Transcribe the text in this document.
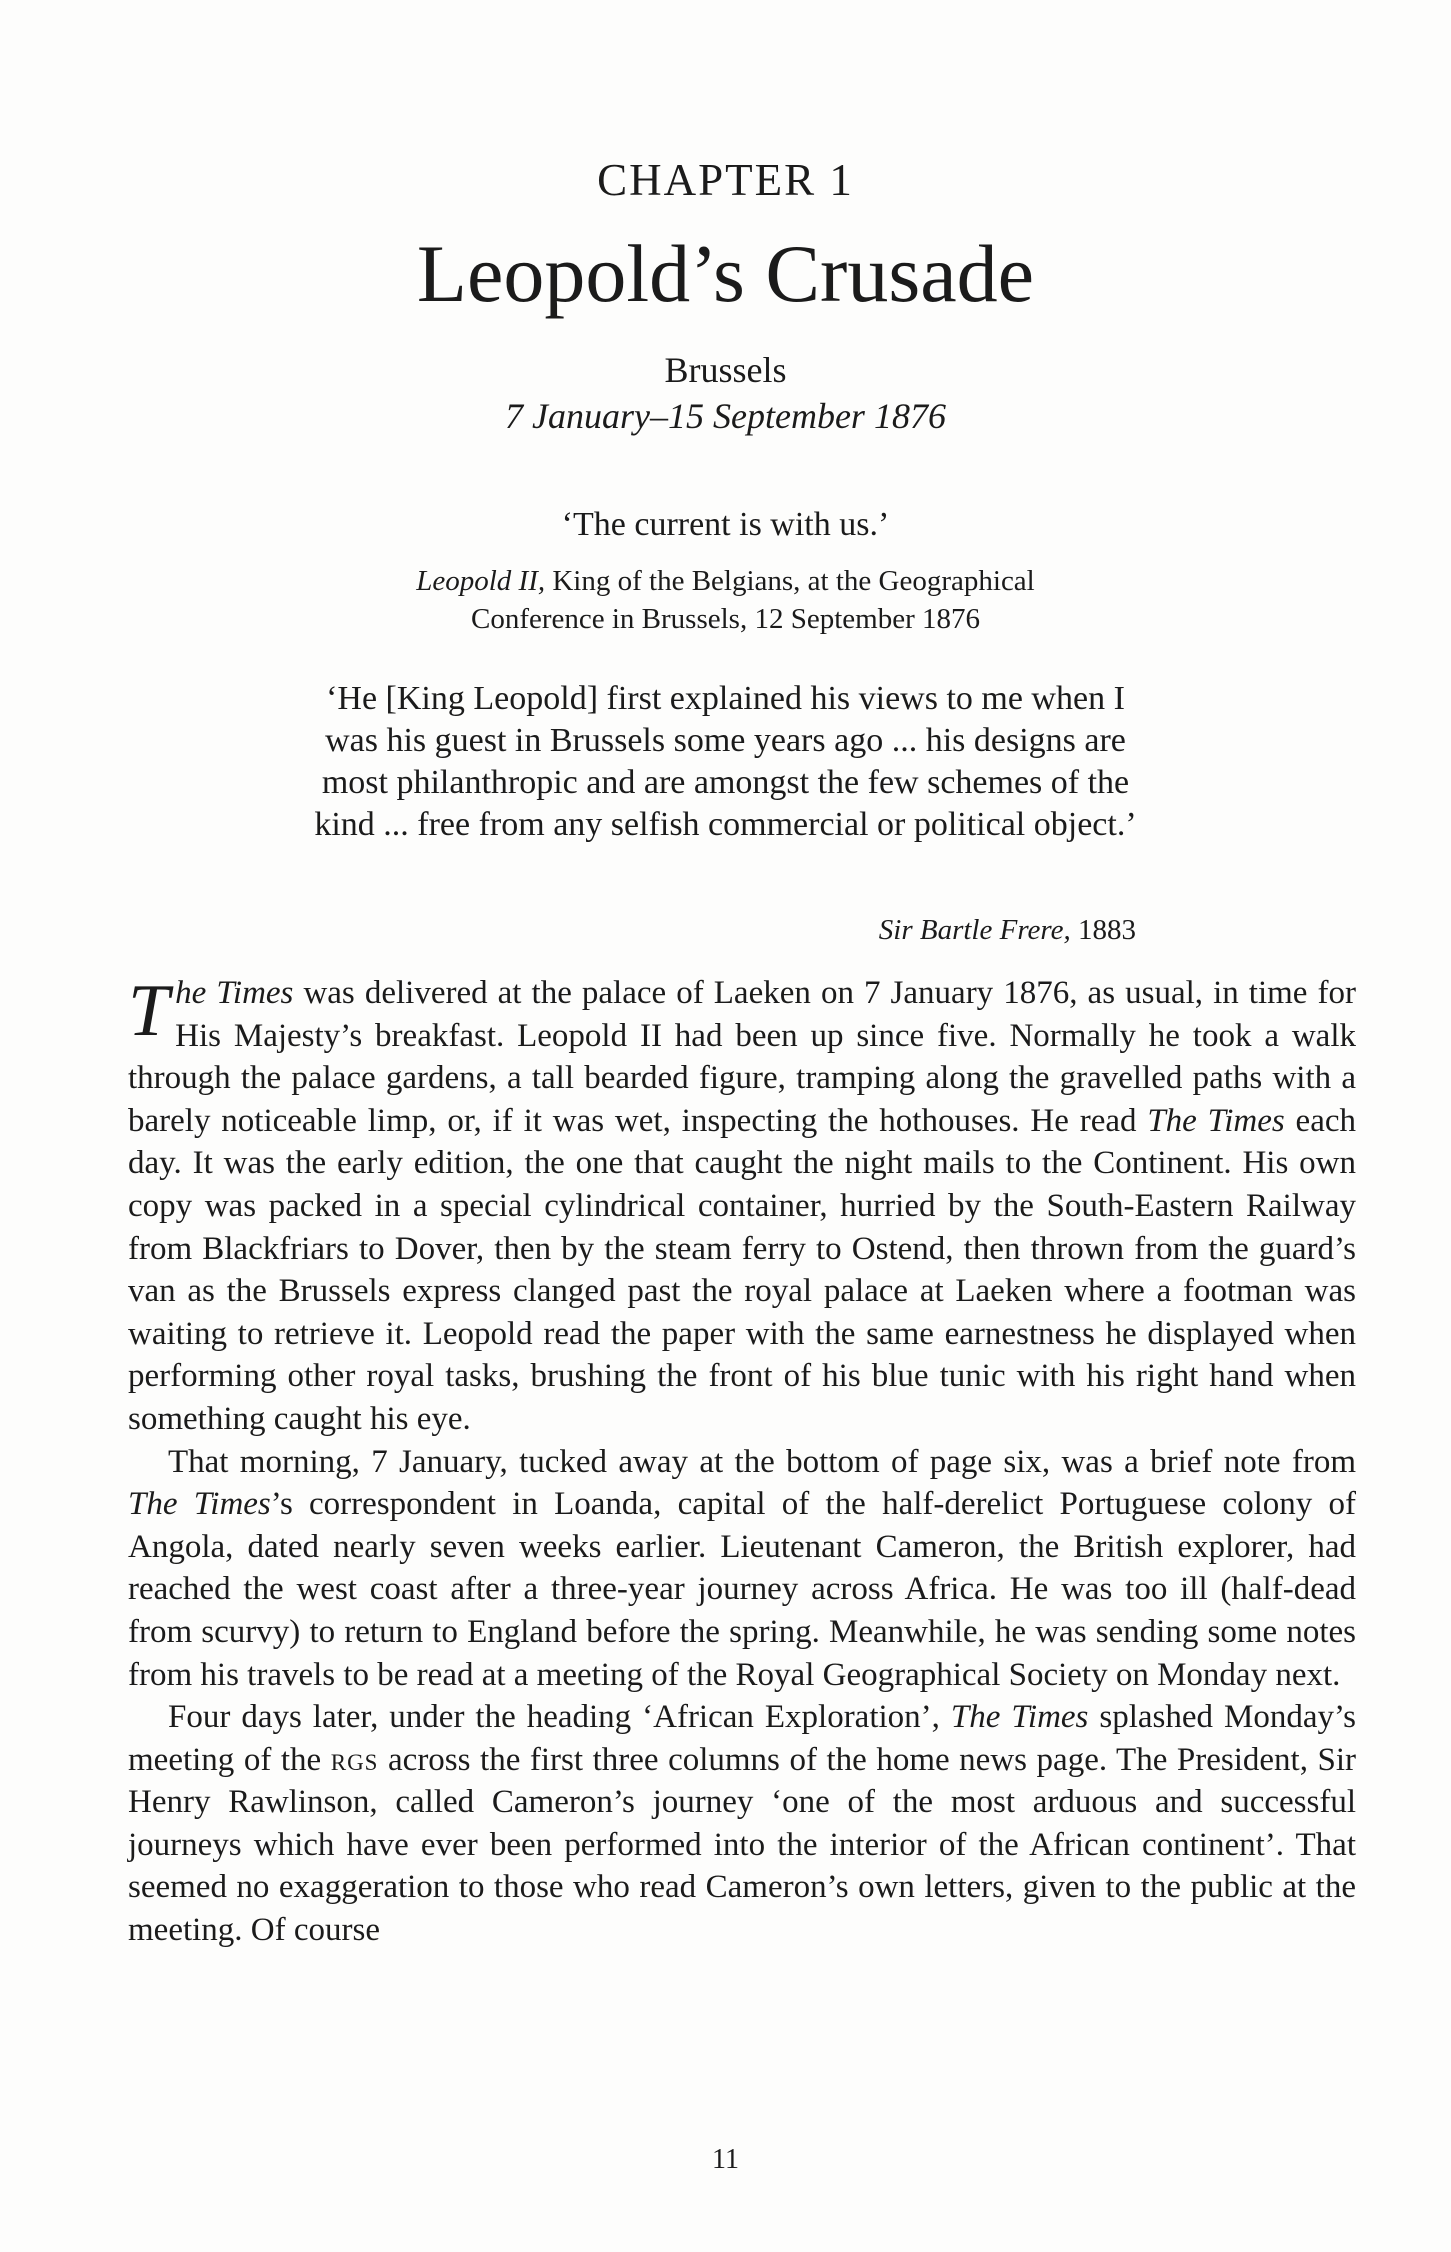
CHAPTER 1
Leopold’s Crusade
Brussels
7 January–15 September 1876
‘The current is with us.’
Leopold II, King of the Belgians, at the Geographical
Conference in Brussels, 12 September 1876
‘He [King Leopold] first explained his views to me when I was his guest in Brussels some years ago ... his designs are most philanthropic and are amongst the few schemes of the kind ... free from any selfish commercial or political object.’
Sir Bartle Frere, 1883

The Times was delivered at the palace of Laeken on 7 January 1876, as usual, in time for His Majesty’s breakfast. Leopold II had been up since five. Normally he took a walk through the palace gardens, a tall bearded figure, tramping along the gravelled paths with a barely noticeable limp, or, if it was wet, inspecting the hothouses. He read The Times each day. It was the early edition, the one that caught the night mails to the Continent. His own copy was packed in a special cylindrical container, hurried by the South-Eastern Railway from Blackfriars to Dover, then by the steam ferry to Ostend, then thrown from the guard’s van as the Brussels express clanged past the royal palace at Laeken where a footman was waiting to retrieve it. Leopold read the paper with the same earnestness he displayed when performing other royal tasks, brushing the front of his blue tunic with his right hand when something caught his eye.

That morning, 7 January, tucked away at the bottom of page six, was a brief note from The Times’s correspondent in Loanda, capital of the half-derelict Portuguese colony of Angola, dated nearly seven weeks earlier. Lieutenant Cameron, the British explorer, had reached the west coast after a three-year journey across Africa. He was too ill (half-dead from scurvy) to return to England before the spring. Meanwhile, he was sending some notes from his travels to be read at a meeting of the Royal Geographical Society on Monday next.

Four days later, under the heading ‘African Exploration’, The Times splashed Monday’s meeting of the rgs across the first three columns of the home news page. The President, Sir Henry Rawlinson, called Cameron’s journey ‘one of the most arduous and successful journeys which have ever been performed into the interior of the African continent’. That seemed no exaggeration to those who read Cameron’s own letters, given to the public at the meeting. Of course

11
